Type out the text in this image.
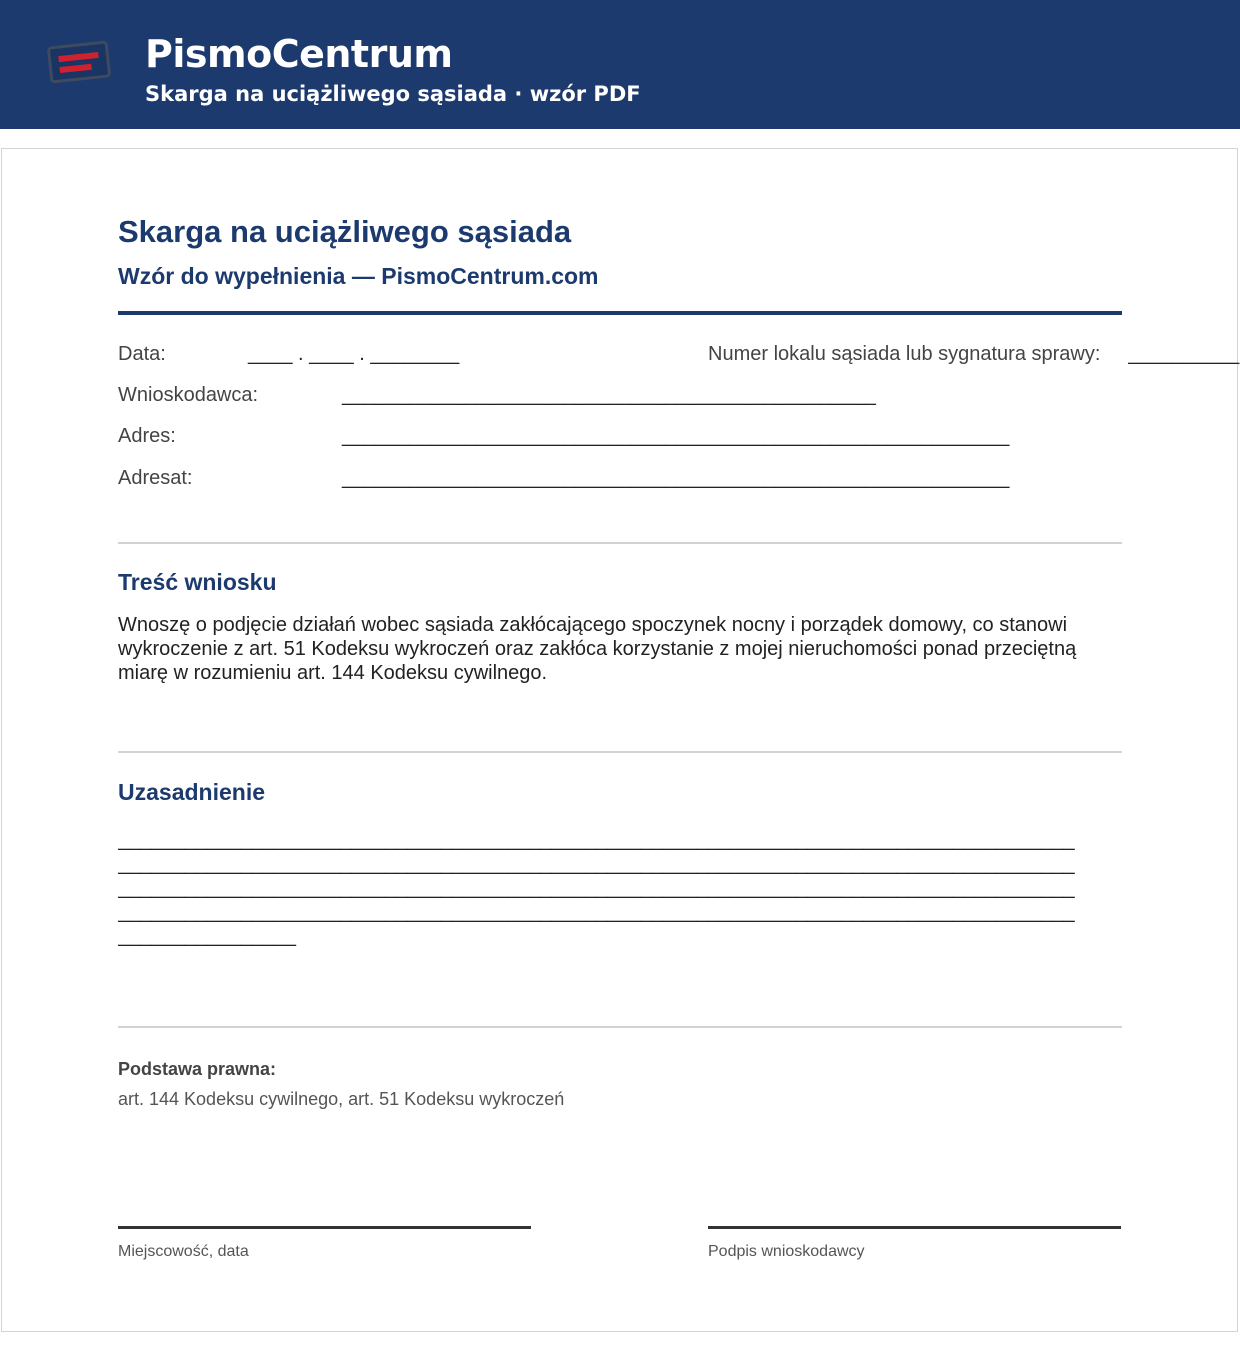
PismoCentrum
Skarga na uciążliwego sąsiada · wzór PDF
Skarga na uciążliwego sąsiada
Wzór do wypełnienia — PismoCentrum.com
Data:	____ . ____ . ________	Numer lokalu sąsiada lub sygnatura sprawy: __________
Wnioskodawca:	________________________________________________
Adres:	____________________________________________________________
Adresat:	____________________________________________________________
Treść wniosku
Wnoszę o podjęcie działań wobec sąsiada zakłócającego spoczynek nocny i porządek domowy, co stanowi wykroczenie z art. 51 Kodeksu wykroczeń oraz zakłóca korzystanie z mojej nieruchomości ponad przeciętną miarę w rozumieniu art. 144 Kodeksu cywilnego.
Uzasadnienie
______________________________________________________________________________________
______________________________________________________________________________________
______________________________________________________________________________________
______________________________________________________________________________________
________________
Podstawa prawna:
art. 144 Kodeksu cywilnego, art. 51 Kodeksu wykroczeń
Miejscowość, data	Podpis wnioskodawcy
